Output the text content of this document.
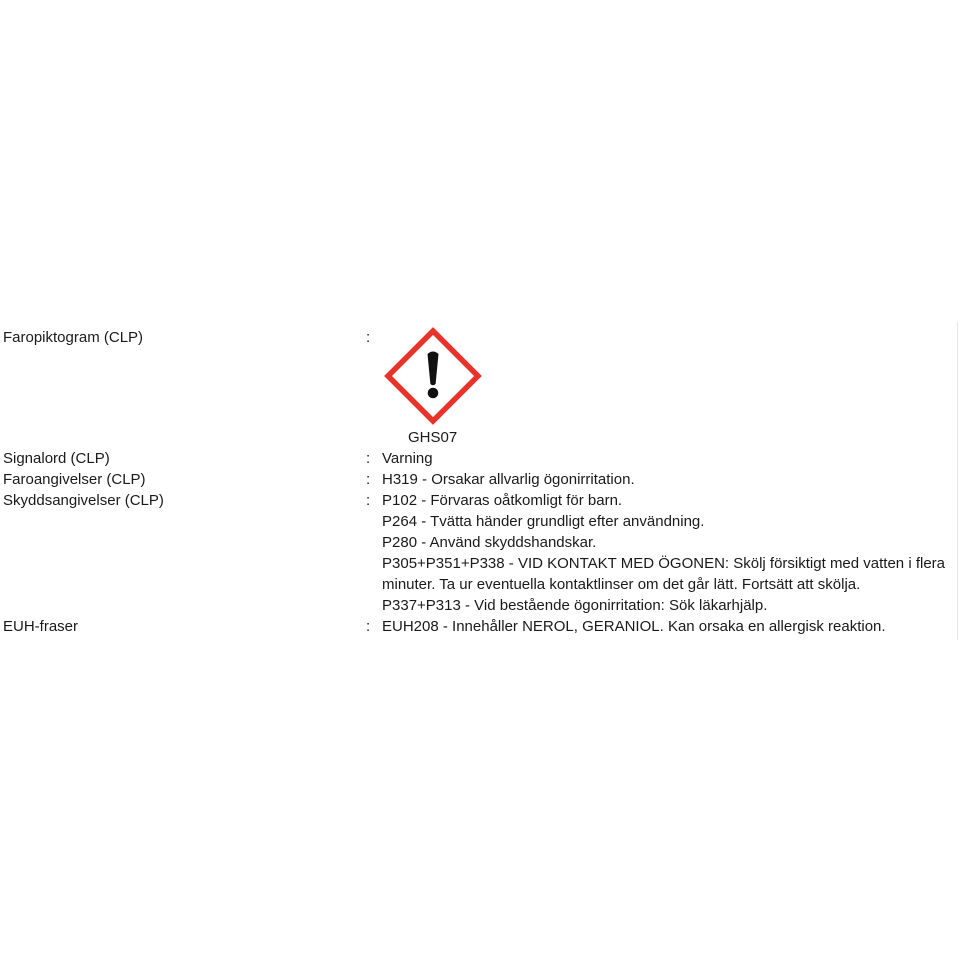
Faropiktogram (CLP)	:
GHS07
Signalord (CLP)	: Varning
Faroangivelser (CLP)	: H319 - Orsakar allvarlig ögonirritation.
Skyddsangivelser (CLP)	: P102 - Förvaras oåtkomligt för barn.
P264 - Tvätta händer grundligt efter användning.
P280 - Använd skyddshandskar.
P305+P351+P338 - VID KONTAKT MED ÖGONEN: Skölj försiktigt med vatten i flera
minuter. Ta ur eventuella kontaktlinser om det går lätt. Fortsätt att skölja.
P337+P313 - Vid bestående ögonirritation: Sök läkarhjälp.
EUH-fraser	: EUH208 - Innehåller NEROL, GERANIOL. Kan orsaka en allergisk reaktion.
